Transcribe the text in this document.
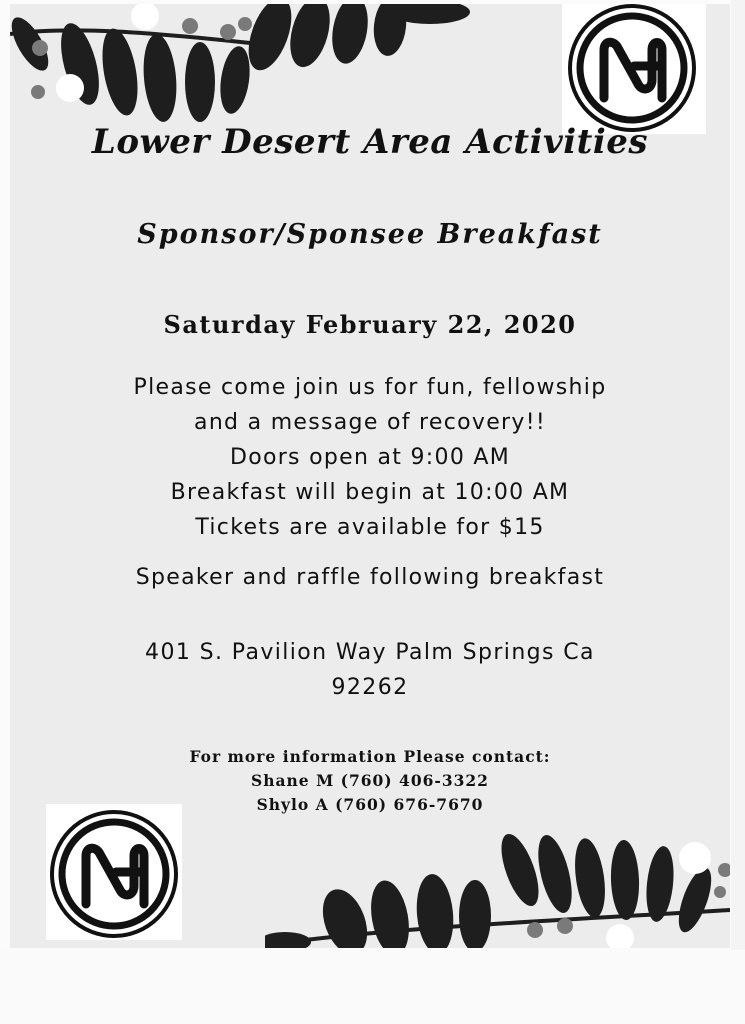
Lower Desert Area Activities
Sponsor/Sponsee Breakfast
Saturday February 22, 2020
Please come join us for fun, fellowship
and a message of recovery!!
Doors open at 9:00 AM
Breakfast will begin at 10:00 AM
Tickets are available for $15
Speaker and raffle following breakfast
401 S. Pavilion Way Palm Springs Ca
92262
For more information Please contact:
Shane M (760) 406-3322
Shylo A (760) 676-7670
